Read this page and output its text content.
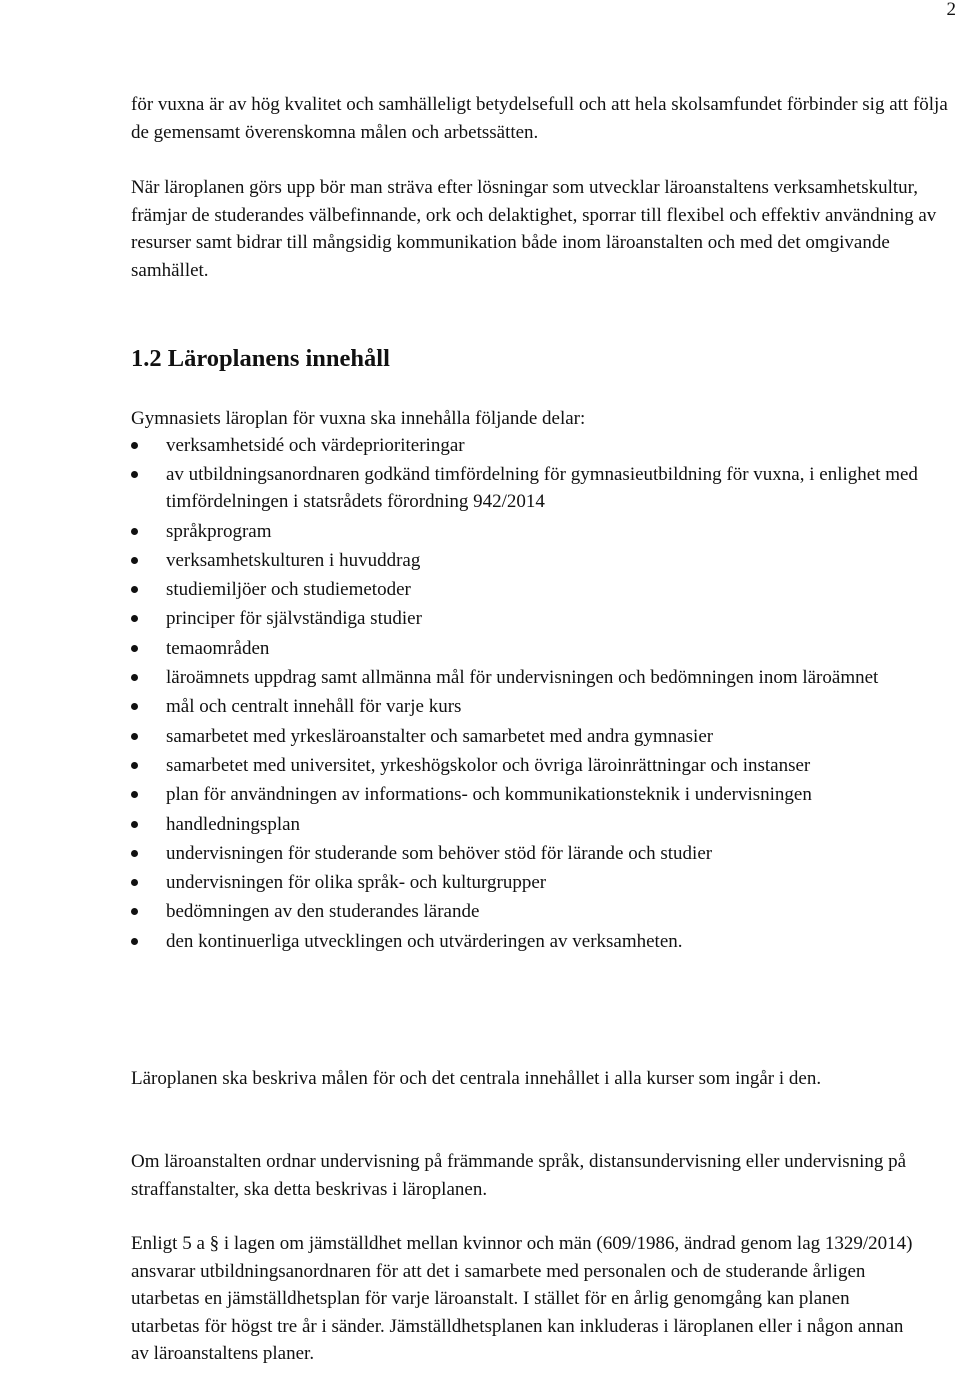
2

för vuxna är av hög kvalitet och samhälleligt betydelsefull och att hela skolsamfundet förbinder sig att följa de gemensamt överenskomna målen och arbetssätten.

När läroplanen görs upp bör man sträva efter lösningar som utvecklar läroanstaltens verksamhetskultur, främjar de studerandes välbefinnande, ork och delaktighet, sporrar till flexibel och effektiv användning av resurser samt bidrar till mångsidig kommunikation både inom läroanstalten och med det omgivande samhället.

1.2 Läroplanens innehåll

Gymnasiets läroplan för vuxna ska innehålla följande delar:

verksamhetsidé och värdeprioriteringar
av utbildningsanordnaren godkänd timfördelning för gymnasieutbildning för vuxna, i enlighet med timfördelningen i statsrådets förordning 942/2014
språkprogram
verksamhetskulturen i huvuddrag
studiemiljöer och studiemetoder
principer för självständiga studier
temaområden
läroämnets uppdrag samt allmänna mål för undervisningen och bedömningen inom läroämnet
mål och centralt innehåll för varje kurs
samarbetet med yrkesläroanstalter och samarbetet med andra gymnasier
samarbetet med universitet, yrkeshögskolor och övriga läroinrättningar och instanser
plan för användningen av informations- och kommunikationsteknik i undervisningen
handledningsplan
undervisningen för studerande som behöver stöd för lärande och studier
undervisningen för olika språk- och kulturgrupper
bedömningen av den studerandes lärande
den kontinuerliga utvecklingen och utvärderingen av verksamheten.

Läroplanen ska beskriva målen för och det centrala innehållet i alla kurser som ingår i den.

Om läroanstalten ordnar undervisning på främmande språk, distansundervisning eller undervisning på straffanstalter, ska detta beskrivas i läroplanen.

Enligt 5 a § i lagen om jämställdhet mellan kvinnor och män (609/1986, ändrad genom lag 1329/2014) ansvarar utbildningsanordnaren för att det i samarbete med personalen och de studerande årligen utarbetas en jämställdhetsplan för varje läroanstalt. I stället för en årlig genomgång kan planen utarbetas för högst tre år i sänder. Jämställdhetsplanen kan inkluderas i läroplanen eller i någon annan av läroanstaltens planer.
